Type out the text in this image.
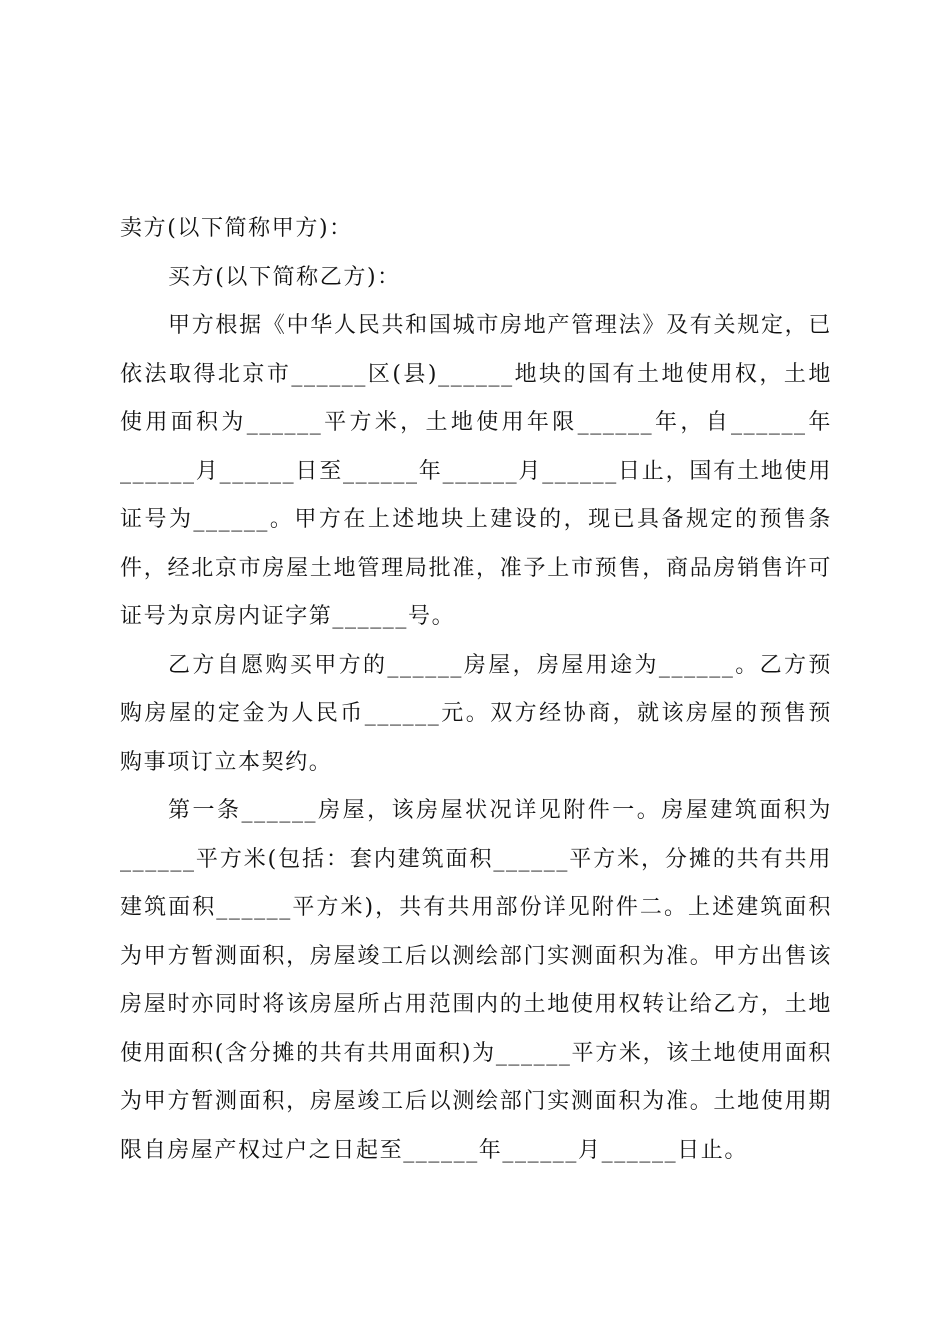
卖方(以下简称甲方)：

买方(以下简称乙方)：

甲方根据《中华人民共和国城市房地产管理法》及有关规定，已依法取得北京市______区(县)______地块的国有土地使用权，土地使用面积为______平方米，土地使用年限______年，自______年______月______日至______年______月______日止，国有土地使用证号为______。甲方在上述地块上建设的，现已具备规定的预售条件，经北京市房屋土地管理局批准，准予上市预售，商品房销售许可证号为京房内证字第______号。

乙方自愿购买甲方的______房屋，房屋用途为______。乙方预购房屋的定金为人民币______元。双方经协商，就该房屋的预售预购事项订立本契约。

第一条______房屋，该房屋状况详见附件一。房屋建筑面积为______平方米(包括：套内建筑面积______平方米，分摊的共有共用建筑面积______平方米)，共有共用部份详见附件二。上述建筑面积为甲方暂测面积，房屋竣工后以测绘部门实测面积为准。甲方出售该房屋时亦同时将该房屋所占用范围内的土地使用权转让给乙方，土地使用面积(含分摊的共有共用面积)为______平方米，该土地使用面积为甲方暂测面积，房屋竣工后以测绘部门实测面积为准。土地使用期限自房屋产权过户之日起至______年______月______日止。
